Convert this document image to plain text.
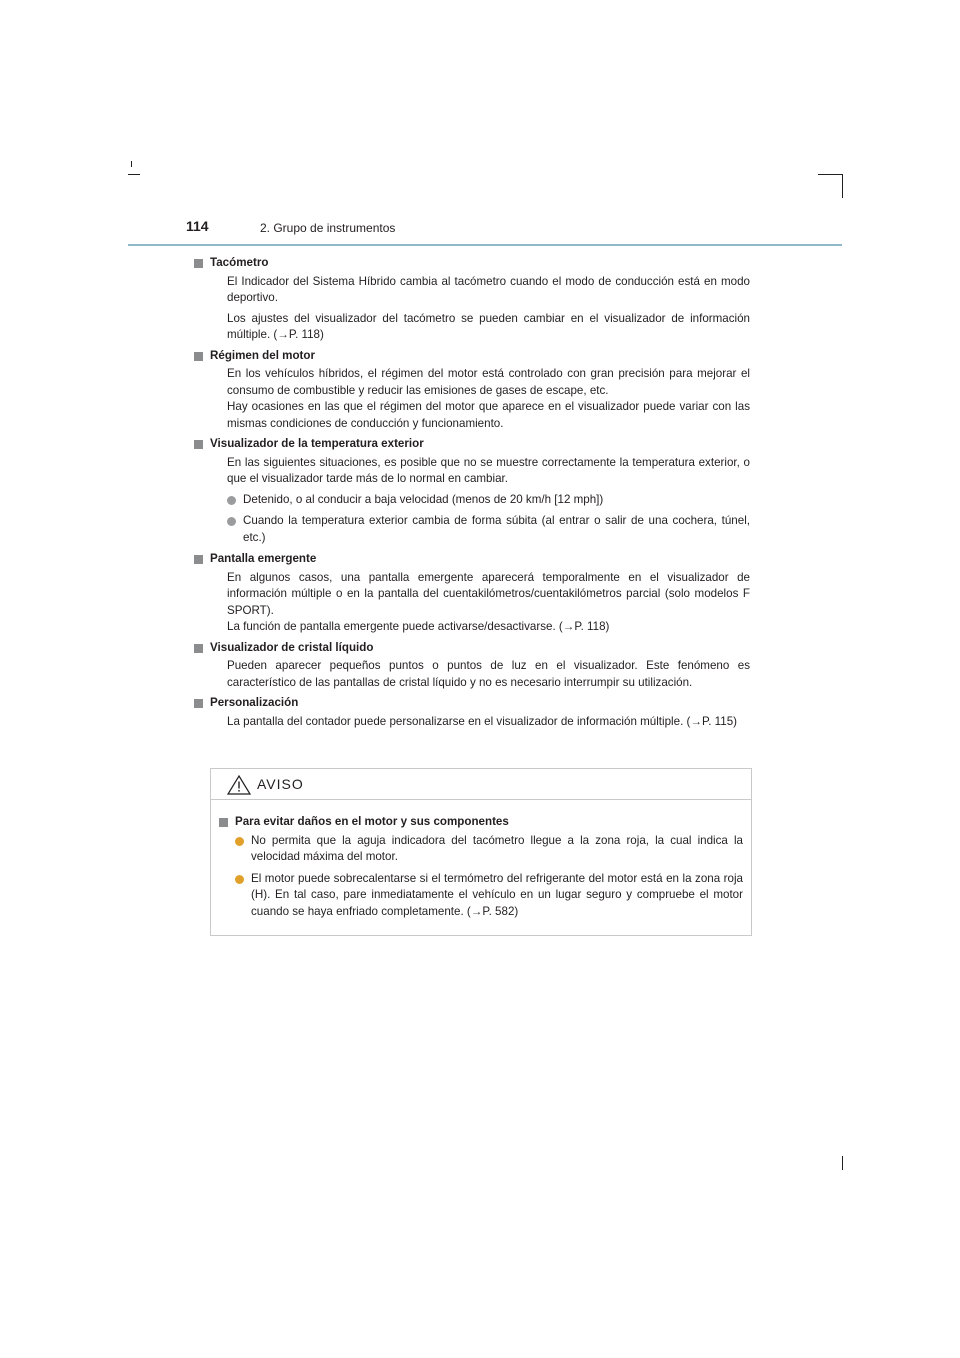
114	2. Grupo de instrumentos
Tacómetro
El Indicador del Sistema Híbrido cambia al tacómetro cuando el modo de conducción está en modo deportivo.
Los ajustes del visualizador del tacómetro se pueden cambiar en el visualizador de información múltiple. (→P. 118)
Régimen del motor
En los vehículos híbridos, el régimen del motor está controlado con gran precisión para mejorar el consumo de combustible y reducir las emisiones de gases de escape, etc.
Hay ocasiones en las que el régimen del motor que aparece en el visualizador puede variar con las mismas condiciones de conducción y funcionamiento.
Visualizador de la temperatura exterior
En las siguientes situaciones, es posible que no se muestre correctamente la temperatura exterior, o que el visualizador tarde más de lo normal en cambiar.
Detenido, o al conducir a baja velocidad (menos de 20 km/h [12 mph])
Cuando la temperatura exterior cambia de forma súbita (al entrar o salir de una cochera, túnel, etc.)
Pantalla emergente
En algunos casos, una pantalla emergente aparecerá temporalmente en el visualizador de información múltiple o en la pantalla del cuentakilómetros/cuentakilómetros parcial (solo modelos F SPORT).
La función de pantalla emergente puede activarse/desactivarse. (→P. 118)
Visualizador de cristal líquido
Pueden aparecer pequeños puntos o puntos de luz en el visualizador. Este fenómeno es característico de las pantallas de cristal líquido y no es necesario interrumpir su utilización.
Personalización
La pantalla del contador puede personalizarse en el visualizador de información múltiple. (→P. 115)
AVISO
Para evitar daños en el motor y sus componentes
No permita que la aguja indicadora del tacómetro llegue a la zona roja, la cual indica la velocidad máxima del motor.
El motor puede sobrecalentarse si el termómetro del refrigerante del motor está en la zona roja (H). En tal caso, pare inmediatamente el vehículo en un lugar seguro y compruebe el motor cuando se haya enfriado completamente. (→P. 582)
